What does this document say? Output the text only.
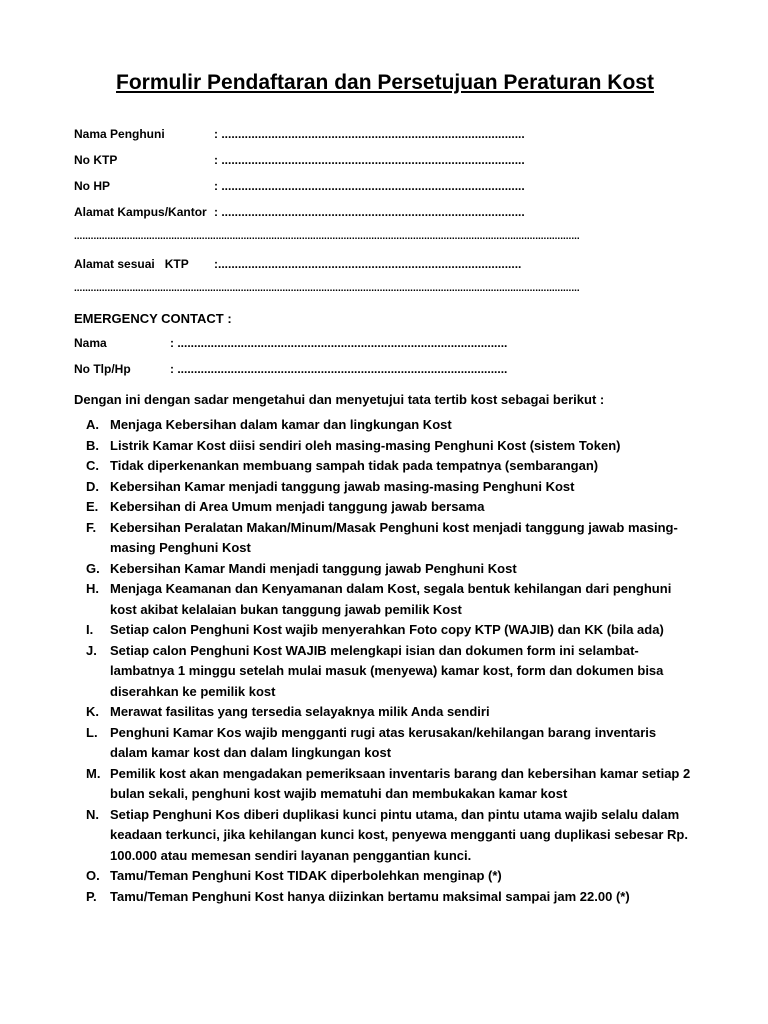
Formulir Pendaftaran dan Persetujuan Peraturan Kost
Nama Penghuni	: ...........................................................................................
No KTP	: ...........................................................................................
No HP	: ...........................................................................................
Alamat Kampus/Kantor : ...........................................................................................
......................................................................................................................................................................................
Alamat sesuai   KTP	:...........................................................................................
......................................................................................................................................................................................
EMERGENCY CONTACT :
Nama	: ...................................................................................................
No Tlp/Hp	: ...................................................................................................
Dengan ini dengan sadar mengetahui dan menyetujui tata tertib kost sebagai berikut :
A. Menjaga Kebersihan dalam kamar dan lingkungan Kost
B. Listrik Kamar Kost diisi sendiri oleh masing-masing Penghuni Kost (sistem Token)
C. Tidak diperkenankan membuang sampah tidak pada tempatnya (sembarangan)
D. Kebersihan Kamar menjadi tanggung jawab masing-masing Penghuni Kost
E. Kebersihan di Area Umum menjadi tanggung jawab bersama
F.	Kebersihan Peralatan Makan/Minum/Masak Penghuni kost menjadi tanggung jawab masing-masing Penghuni Kost
G. Kebersihan Kamar Mandi menjadi tanggung jawab Penghuni Kost
H. Menjaga Keamanan dan Kenyamanan dalam Kost, segala bentuk kehilangan dari penghuni kost akibat kelalaian bukan tanggung jawab pemilik Kost
I.	Setiap calon Penghuni Kost wajib menyerahkan Foto copy KTP (WAJIB) dan KK (bila ada)
J.	Setiap calon Penghuni Kost WAJIB melengkapi isian dan dokumen form ini selambat-lambatnya 1 minggu setelah mulai masuk (menyewa) kamar kost, form dan dokumen bisa diserahkan ke pemilik kost
K. Merawat fasilitas yang tersedia selayaknya milik Anda sendiri
L. Penghuni Kamar Kos wajib mengganti rugi atas kerusakan/kehilangan barang inventaris dalam kamar kost dan dalam lingkungan kost
M. Pemilik kost akan mengadakan pemeriksaan inventaris barang dan kebersihan kamar setiap 2 bulan sekali, penghuni kost wajib mematuhi dan membukakan kamar kost
N. Setiap Penghuni Kos diberi duplikasi kunci pintu utama, dan pintu utama wajib selalu dalam keadaan terkunci, jika kehilangan kunci kost, penyewa mengganti uang duplikasi sebesar Rp. 100.000 atau memesan sendiri layanan penggantian kunci.
O. Tamu/Teman Penghuni Kost TIDAK diperbolehkan menginap (*)
P.	Tamu/Teman Penghuni Kost hanya diizinkan bertamu maksimal sampai jam 22.00 (*)
